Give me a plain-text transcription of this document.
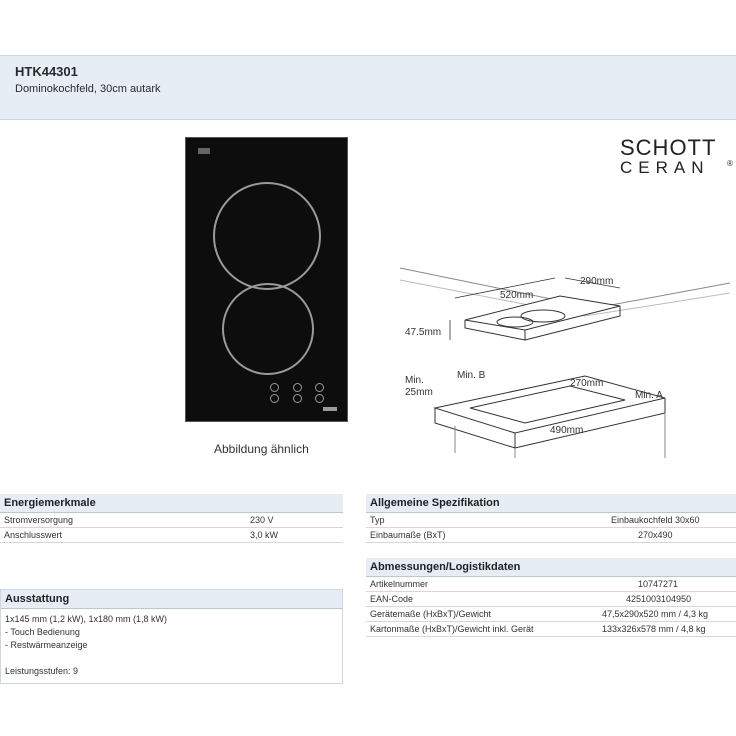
HTK44301
Dominokochfeld, 30cm autark
Abbildung ähnlich
SCHOTT
CERAN	®
520mm
290mm
47.5mm
Min. 25mm
Min. B
270mm
490mm
Min. A
Energiemerkmale
Stromversorgung	230 V
Anschlusswert	3,0 kW
Ausstattung
1x145 mm (1,2 kW), 1x180 mm (1,8 kW)
- Touch Bedienung
- Restwärmeanzeige

Leistungsstufen: 9
Allgemeine Spezifikation
Typ	Einbaukochfeld 30x60
Einbaumaße (BxT)	270x490
Abmessungen/Logistikdaten
Artikelnummer	10747271
EAN-Code	4251003104950
Gerätemaße (HxBxT)/Gewicht	47,5x290x520 mm / 4,3 kg
Kartonmaße (HxBxT)/Gewicht inkl. Gerät	133x326x578 mm / 4,8 kg
